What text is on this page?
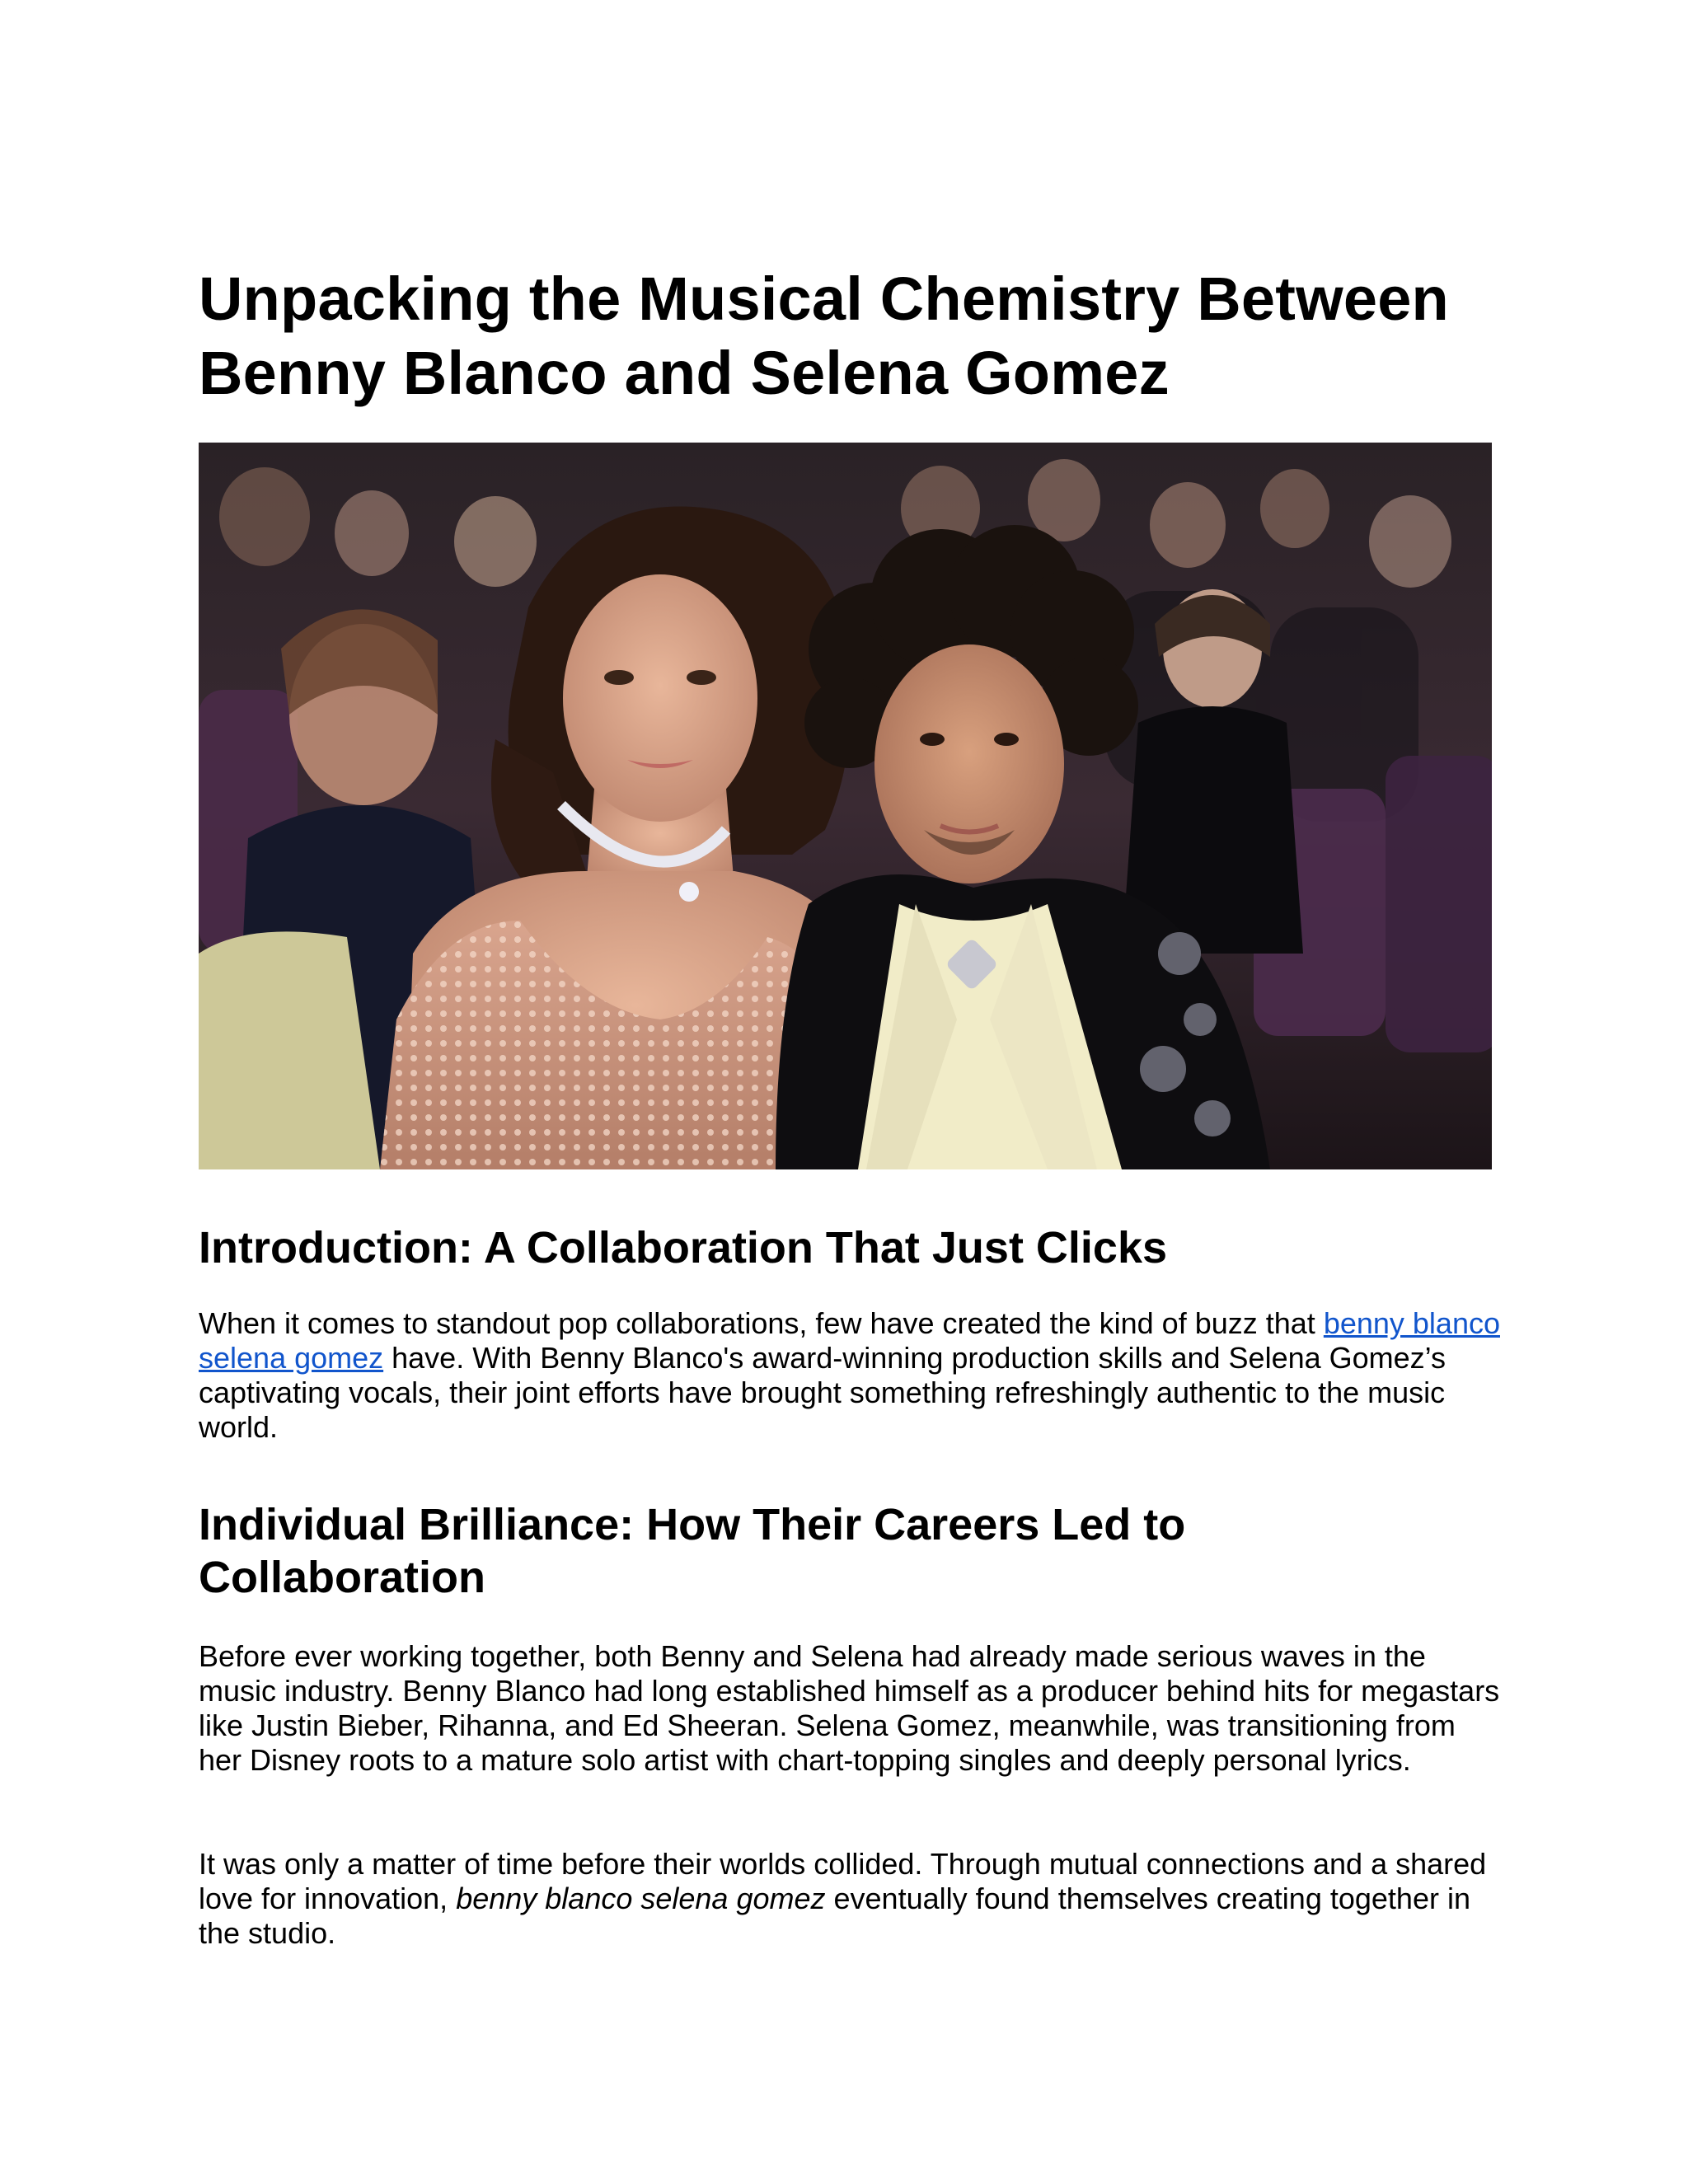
Unpacking the Musical Chemistry Between Benny Blanco and Selena Gomez
Introduction: A Collaboration That Just Clicks

When it comes to standout pop collaborations, few have created the kind of buzz that benny blanco selena gomez have. With Benny Blanco's award-winning production skills and Selena Gomez’s captivating vocals, their joint efforts have brought something refreshingly authentic to the music world.

Individual Brilliance: How Their Careers Led to Collaboration

Before ever working together, both Benny and Selena had already made serious waves in the music industry. Benny Blanco had long established himself as a producer behind hits for megastars like Justin Bieber, Rihanna, and Ed Sheeran. Selena Gomez, meanwhile, was transitioning from her Disney roots to a mature solo artist with chart-topping singles and deeply personal lyrics.

It was only a matter of time before their worlds collided. Through mutual connections and a shared love for innovation, benny blanco selena gomez eventually found themselves creating together in the studio.
